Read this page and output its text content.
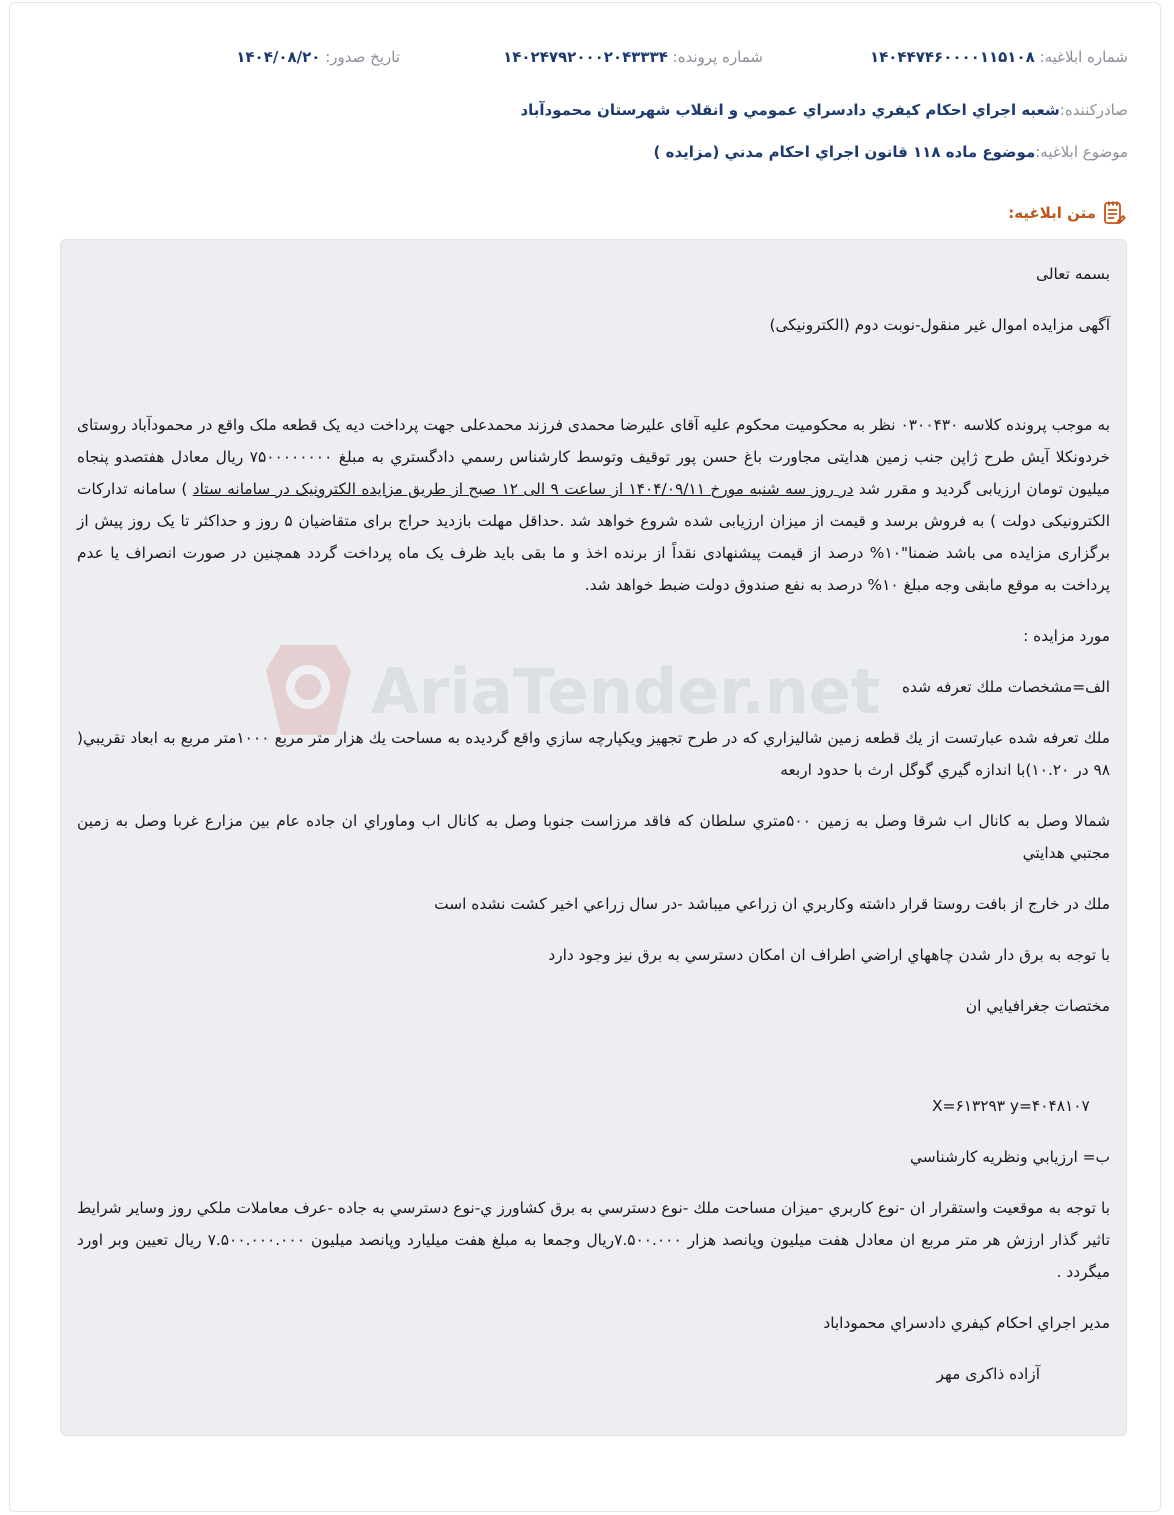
شماره ابلاغیه: ۱۴۰۴۴۷۴۶۰۰۰۰۱۱۵۱۰۸
شماره پرونده: ۱۴۰۲۴۷۹۲۰۰۰۲۰۴۳۳۳۴
تاریخ صدور: ۱۴۰۴/۰۸/۲۰
صادرکننده:
شعبه اجراي احكام كيفري دادسراي عمومي و انقلاب شهرستان محمودآباد
موضوع ابلاغیه:
موضوع ماده ۱۱۸ قانون اجراي احكام مدني (مزايده )
متن ابلاغیه:
AriaTender.net

بسمه تعالی

آگهی مزایده اموال غیر منقول-نوبت دوم (الکترونیکی)

به موجب پرونده کلاسه ۰۳۰۰۴۳۰ نظر به محکومیت محکوم علیه آقای علیرضا محمدی فرزند محمدعلی جهت پرداخت دیه یک قطعه ملک واقع در محمودآباد روستای خردونکلا آیش طرح ژاپن جنب زمین هدایتی مجاورت باغ حسن پور توقیف وتوسط کارشناس رسمي دادگستري به مبلغ ۷۵۰۰۰۰۰۰۰۰ ریال معادل هفتصدو پنجاه میلیون تومان ارزیابی گردید و مقرر شد در روز سه شنبه مورخ ۱۴۰۴/۰۹/۱۱ از ساعت ۹ الی ۱۲ صبح از طریق مزایده الکترونیک در سامانه ستاد ) سامانه تدارکات الکترونیکی دولت ) به فروش برسد و قیمت از میزان ارزیابی شده شروع خواهد شد .حداقل مهلت بازدید حراج برای متقاضیان ۵ روز و حداکثر تا یک روز پیش از برگزاری مزایده می باشد ضمنا"۱۰% درصد از قیمت پیشنهادی نقداً از برنده اخذ و ما بقی باید ظرف یک ماه پرداخت گردد همچنین در صورت انصراف یا عدم پرداخت به موقع مابقی وجه مبلغ ۱۰% درصد به نفع صندوق دولت ضبط خواهد شد.

مورد مزایده :

الف=مشخصات ملك تعرفه شده

ملك تعرفه شده عبارتست از يك قطعه زمين شاليزاري كه در طرح تجهيز ويكپارچه سازي واقع گرديده به مساحت يك هزار متر مربع ۱۰۰۰متر مربع به ابعاد تقريبي( ۹۸ در ۱۰.۲۰)با اندازه گيري گوگل ارث با حدود اربعه

شمالا وصل به كانال اب شرقا وصل به زمين ۵۰۰متري سلطان كه فاقد مرزاست جنوبا وصل به كانال اب وماوراي ان جاده عام بين مزارع غربا وصل به زمين مجتبي هدايتي

ملك در خارج از بافت روستا قرار داشته وكاربري ان زراعي ميباشد -در سال زراعي اخير كشت نشده است

با توجه به برق دار شدن چاههاي اراضي اطراف ان امكان دسترسي به برق نيز وجود دارد

مختصات جغرافيايي ان

X=۶۱۳۲۹۳ y=۴۰۴۸۱۰۷

ب= ارزيابي ونظريه كارشناسي

با توجه به موقعيت واستقرار ان -نوع كاربري -ميزان مساحت ملك -نوع دسترسي به برق كشاورز ي-نوع دسترسي به جاده -عرف معاملات ملكي روز وساير شرايط تاثير گذار ارزش هر متر مربع ان معادل هفت ميليون وپانصد هزار ۷.۵۰۰.۰۰۰ريال وجمعا به مبلغ هفت ميليارد وپانصد ميليون ۷.۵۰۰.۰۰۰.۰۰۰ ريال تعيين وبر اورد ميگردد .

مدير اجراي احكام كيفري دادسراي محموداباد

آزاده ذاكرى مهر
